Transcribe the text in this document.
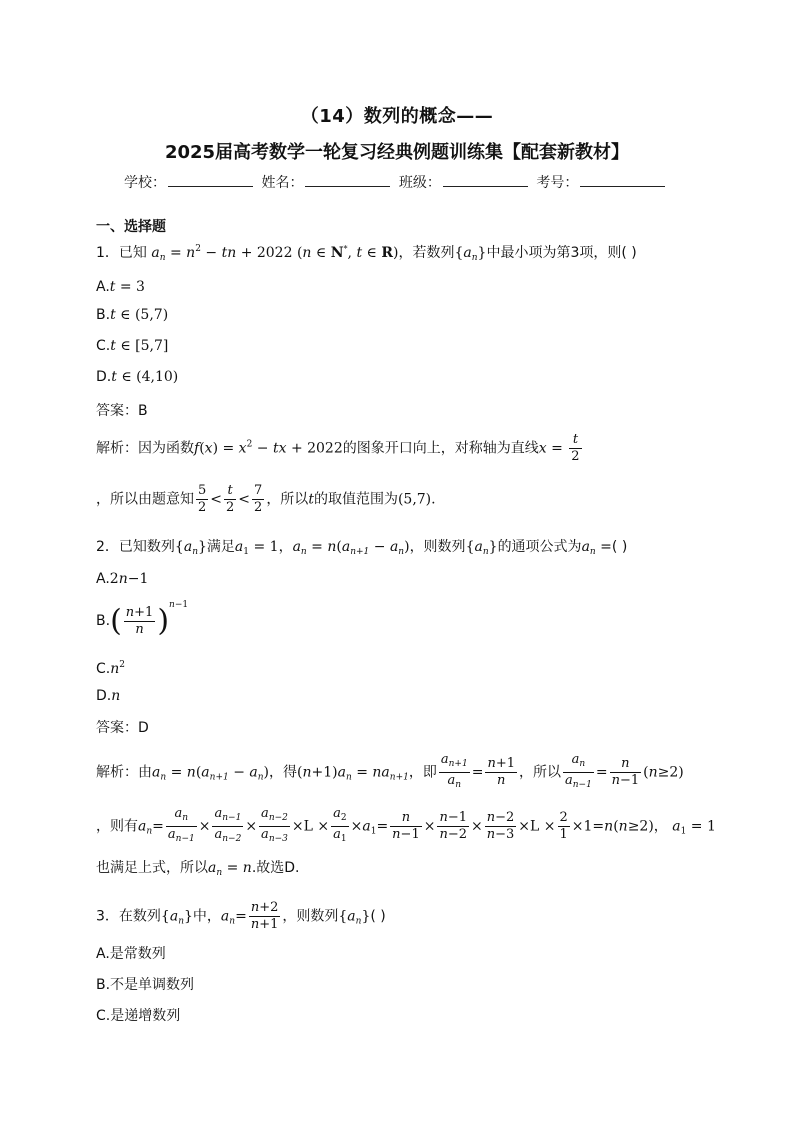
（14）数列的概念——
2025届高考数学一轮复习经典例题训练集【配套新教材】
学校：	姓名：	班级：	考号：
一、选择题
1．已知 $a_n = n^2$ − tn + 2022 (n ∈ N*, t ∈ R)，若数列$\{a_n\}$中最小项为第3项，则( )
A.t = 3
B.t ∈ (5,7)
C.t ∈ [5,7]
D.t ∈ (4,10)
答案：B
解析：因为函数$f(x) = x^2$ − tx + 2022的图象开口向上，对称轴为直线$x = \frac{t}{2}$
，所以由题意知 $\frac{5}{2} < \frac{t}{2} < \frac{7}{2}$ ，所以t的取值范围为(5,7).
2．已知数列$\{a_n\}$满足$a_1 = 1$，$a_n = n(a_{n+1} - a_n)$，则数列$\{a_n\}$的通项公式为$a_n$ =( )
A.2n−1
$B.( \frac{n+1}{n} )^{n-1}$
$C.n^2$
D.n
答案：D
解析：由$a_n = n(a_{n+1} - a_n)$，得$(n+1)a_n = na_{n+1}$，即 $\frac{a_{n+1}}{a_n} = \frac{n+1}{n}$ ，所以 $\frac{a_n}{a_{n-1}} = \frac{n}{n-1} (n\ge 2)$
，则有$a_n= \frac{a_n}{a_{n-1}} \times \frac{a_{n-1}}{a_{n-2}} \times \frac{a_{n-2}}{a_{n-3}} \times L \times \frac{a_2}{a_1} \times a_1= \frac{n}{n-1} \times \frac{n-1}{n-2} \times \frac{n-2}{n-3} \times L \times \frac{2}{1} \times 1=n(n\ge 2)$， $a_1 = 1$
也满足上式，所以$a_n = n$.故选D.
3．在数列$\{a_n\}$中，$a_n= \frac{n+2}{n+1}$ ，则数列$\{a_n\}$( )
A.是常数列
B.不是单调数列
C.是递增数列
